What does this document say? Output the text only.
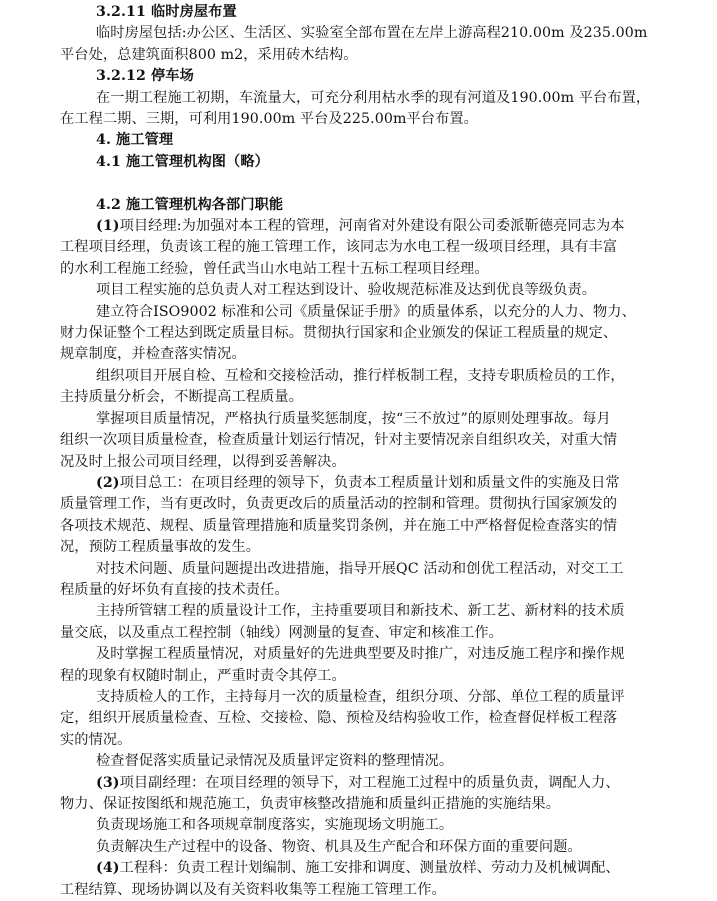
3.2.11 临时房屋布置
临时房屋包括:办公区、生活区、实验室全部布置在左岸上游高程210.00m 及235.00m
平台处，总建筑面积800 m2，采用砖木结构。
3.2.12 停车场
在一期工程施工初期，车流量大，可充分利用枯水季的现有河道及190.00m 平台布置，
在工程二期、三期，可利用190.00m 平台及225.00m平台布置。
4. 施工管理
4.1 施工管理机构图（略）
4.2 施工管理机构各部门职能
(1)项目经理:为加强对本工程的管理，河南省对外建设有限公司委派靳德亮同志为本
工程项目经理，负责该工程的施工管理工作，该同志为水电工程一级项目经理，具有丰富
的水利工程施工经验，曾任武当山水电站工程十五标工程项目经理。
项目工程实施的总负责人对工程达到设计、验收规范标准及达到优良等级负责。
建立符合ISO9002 标准和公司《质量保证手册》的质量体系，以充分的人力、物力、
财力保证整个工程达到既定质量目标。贯彻执行国家和企业颁发的保证工程质量的规定、
规章制度，并检查落实情况。
组织项目开展自检、互检和交接检活动，推行样板制工程，支持专职质检员的工作，
主持质量分析会，不断提高工程质量。
掌握项目质量情况，严格执行质量奖惩制度，按“三不放过”的原则处理事故。每月
组织一次项目质量检查，检查质量计划运行情况，针对主要情况亲自组织攻关，对重大情
况及时上报公司项目经理，以得到妥善解决。
(2)项目总工：在项目经理的领导下，负责本工程质量计划和质量文件的实施及日常
质量管理工作，当有更改时，负责更改后的质量活动的控制和管理。贯彻执行国家颁发的
各项技术规范、规程、质量管理措施和质量奖罚条例，并在施工中严格督促检查落实的情
况，预防工程质量事故的发生。
对技术问题、质量问题提出改进措施，指导开展QC 活动和创优工程活动，对交工工
程质量的好坏负有直接的技术责任。
主持所管辖工程的质量设计工作，主持重要项目和新技术、新工艺、新材料的技术质
量交底，以及重点工程控制（轴线）网测量的复查、审定和核准工作。
及时掌握工程质量情况，对质量好的先进典型要及时推广，对违反施工程序和操作规
程的现象有权随时制止，严重时责令其停工。
支持质检人的工作，主持每月一次的质量检查，组织分项、分部、单位工程的质量评
定，组织开展质量检查、互检、交接检、隐、预检及结构验收工作，检查督促样板工程落
实的情况。
检查督促落实质量记录情况及质量评定资料的整理情况。
(3)项目副经理：在项目经理的领导下，对工程施工过程中的质量负责，调配人力、
物力、保证按图纸和规范施工，负责审核整改措施和质量纠正措施的实施结果。
负责现场施工和各项规章制度落实，实施现场文明施工。
负责解决生产过程中的设备、物资、机具及生产配合和环保方面的重要问题。
(4)工程科：负责工程计划编制、施工安排和调度、测量放样、劳动力及机械调配、
工程结算、现场协调以及有关资料收集等工程施工管理工作。
